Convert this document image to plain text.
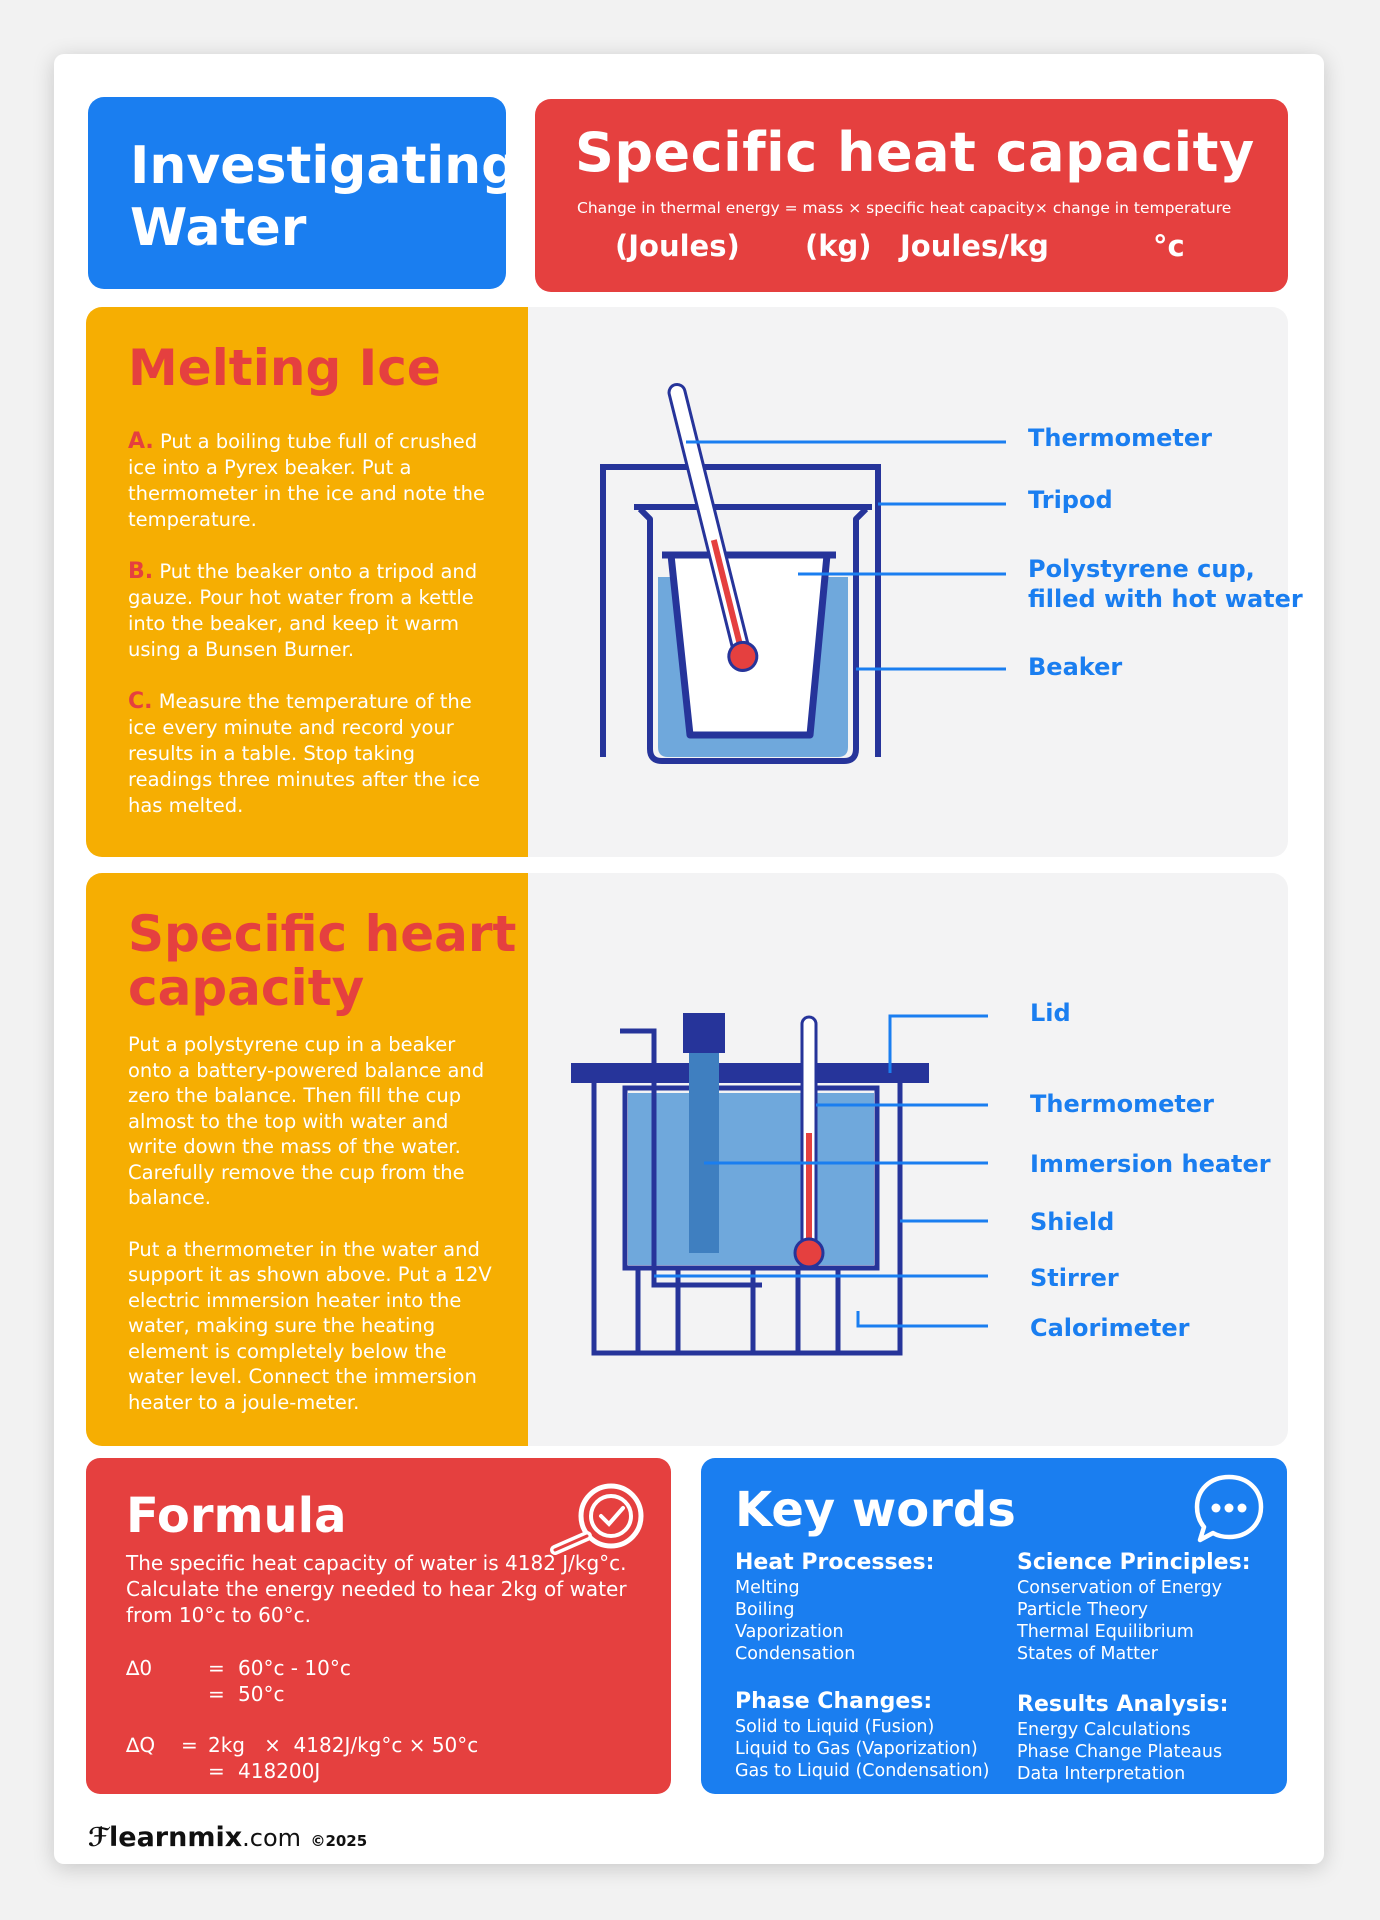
Investigating
Water
Specific heat capacity
Change in thermal energy = mass × specific heat capacity× change in temperature
(Joules) (kg) Joules/kg	°c
Melting Ice

A. Put a boiling tube full of crushed ice into a Pyrex beaker. Put a thermometer in the ice and note the temperature.

B. Put the beaker onto a tripod and gauze. Pour hot water from a kettle into the beaker, and keep it warm using a Bunsen Burner.

C. Measure the temperature of the ice every minute and record your results in a table. Stop taking readings three minutes after the ice has melted.

Thermometer
Tripod
Polystyrene cup,
filled with hot water
Beaker
Specific heart
capacity

Put a polystyrene cup in a beaker onto a battery-powered balance and zero the balance. Then fill the cup almost to the top with water and write down the mass of the water. Carefully remove the cup from the balance.

Put a thermometer in the water and support it as shown above. Put a 12V electric immersion heater into the water, making sure the heating element is completely below the water level. Connect the immersion heater to a joule-meter.

Lid
Thermometer
Immersion heater
Shield
Stirrer
Calorimeter
Formula
The specific heat capacity of water is 4182 J/kg°c. Calculate the energy needed to hear 2kg of water from 10°c to 60°c.
∆0	= 60°c - 10°c
= 50°c
∆Q = 2kg   ×  4182J/kg°c × 50°c
= 418200J
Key words
Heat Processes:
Melting
Boiling
Vaporization
Condensation
Science Principles:
Conservation of Energy
Particle Theory
Thermal Equilibrium
States of Matter
Phase Changes:
Solid to Liquid (Fusion)
Liquid to Gas (Vaporization)
Gas to Liquid (Condensation)
Results Analysis:
Energy Calculations
Phase Change Plateaus
Data Interpretation
ℱlearnmix.com ©2025
